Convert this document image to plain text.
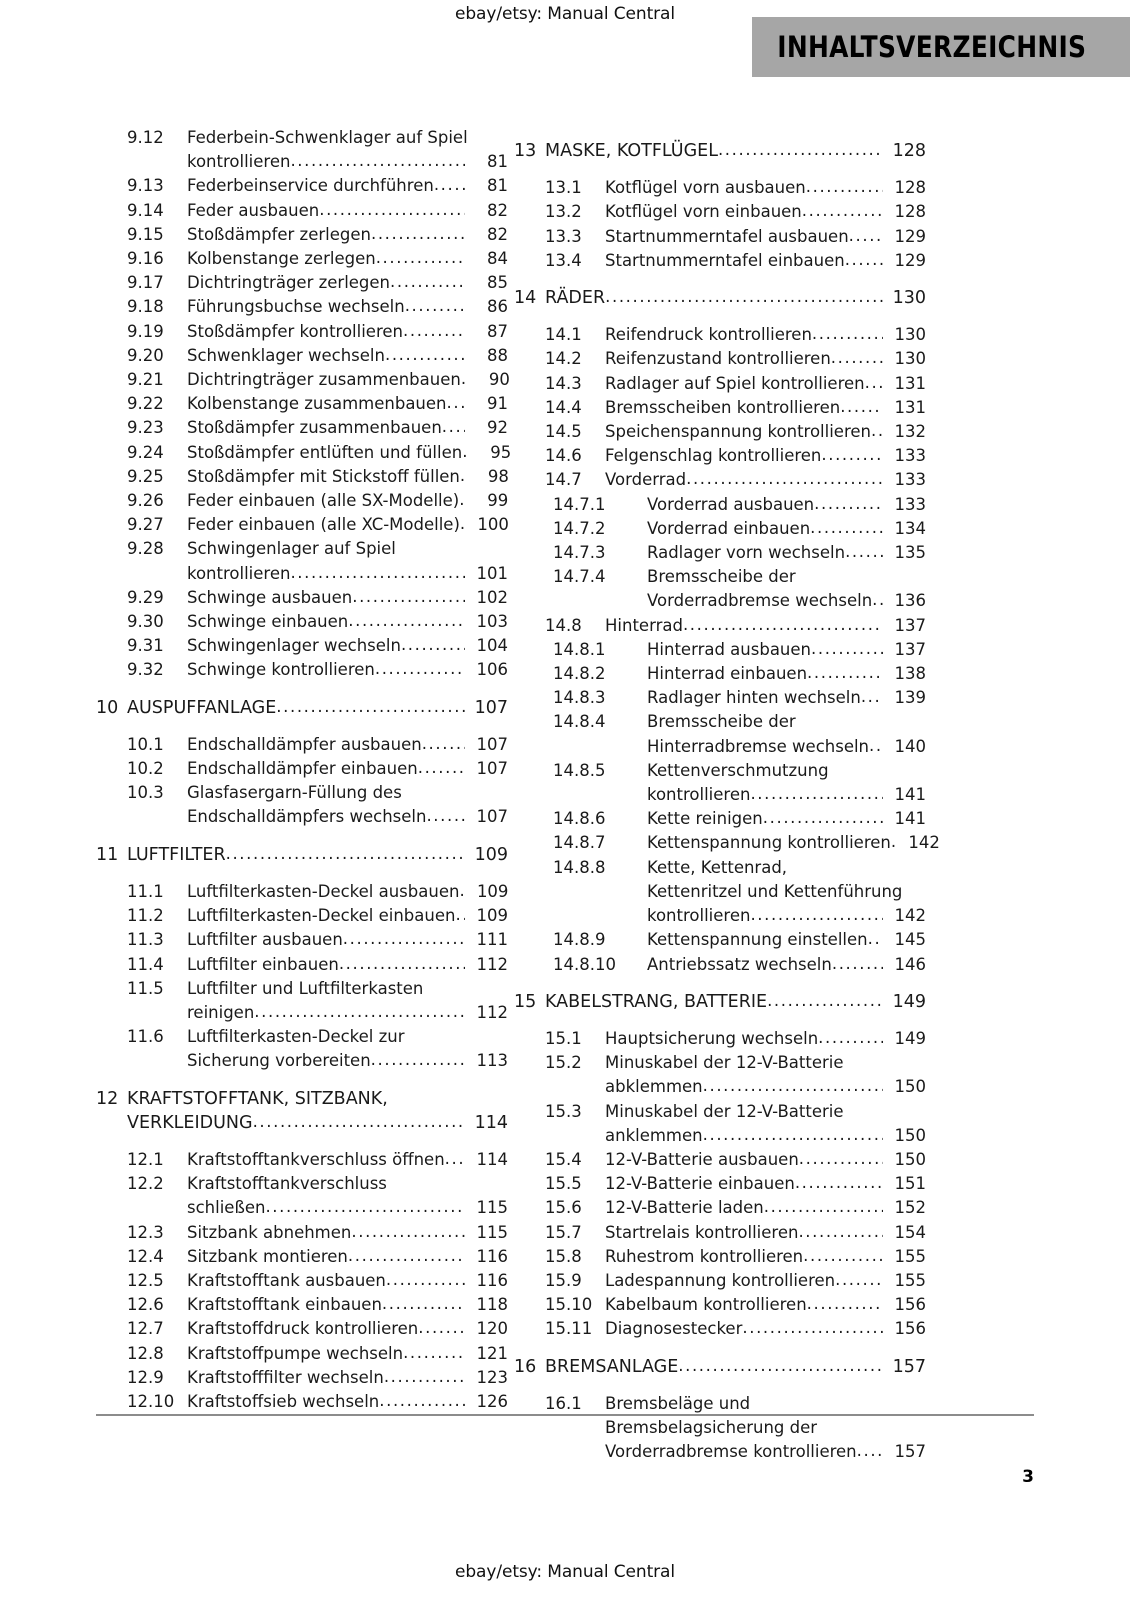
ebay/etsy: Manual Central
INHALTSVERZEICHNIS
9.12	Federbein-Schwenklager auf Spiel
kontrollieren .....	81
9.13	Federbeinservice durchführen .....	81
9.14	Feder ausbauen .....	82
9.15	Stoßdämpfer zerlegen .....	82
9.16	Kolbenstange zerlegen .....	84
9.17	Dichtringträger zerlegen .....	85
9.18	Führungsbuchse wechseln .....	86
9.19	Stoßdämpfer kontrollieren .....	87
9.20	Schwenklager wechseln .....	88
9.21	Dichtringträger zusammenbauen .....	90
9.22	Kolbenstange zusammenbauen .....	91
9.23	Stoßdämpfer zusammenbauen .....	92
9.24	Stoßdämpfer entlüften und füllen .....	95
9.25	Stoßdämpfer mit Stickstoff füllen .....	98
9.26	Feder einbauen (alle SX-Modelle) .....	99
9.27	Feder einbauen (alle XC-Modelle) ..... 100
9.28	Schwingenlager auf Spiel
kontrollieren .....	101
9.29	Schwinge ausbauen .....	102
9.30	Schwinge einbauen .....	103
9.31	Schwingenlager wechseln .....	104
9.32	Schwinge kontrollieren .....	106
10 AUSPUFFANLAGE .....	107
10.1	Endschalldämpfer ausbauen .....	107
10.2	Endschalldämpfer einbauen .....	107
10.3	Glasfasergarn-Füllung des
Endschalldämpfers wechseln .....	107
11 LUFTFILTER .....	109
11.1	Luftfilterkasten-Deckel ausbauen ..... 109
11.2	Luftfilterkasten-Deckel einbauen ..... 109
11.3	Luftfilter ausbauen .....	111
11.4	Luftfilter einbauen .....	112
11.5	Luftfilter und Luftfilterkasten
reinigen .....	112
11.6	Luftfilterkasten-Deckel zur
Sicherung vorbereiten .....	113
12 KRAFTSTOFFTANK, SITZBANK,
VERKLEIDUNG .....	114
12.1	Kraftstofftankverschluss öffnen ..... 114
12.2	Kraftstofftankverschluss
schließen .....	115
12.3	Sitzbank abnehmen .....	115
12.4	Sitzbank montieren .....	116
12.5	Kraftstofftank ausbauen .....	116
12.6	Kraftstofftank einbauen .....	118
12.7	Kraftstoffdruck kontrollieren .....	120
12.8	Kraftstoffpumpe wechseln .....	121
12.9	Kraftstofffilter wechseln .....	123
12.10 Kraftstoffsieb wechseln .....	126
13 MASKE, KOTFLÜGEL .....	128
13.1	Kotflügel vorn ausbauen .....	128
13.2	Kotflügel vorn einbauen .....	128
13.3	Startnummerntafel ausbauen .....	129
13.4	Startnummerntafel einbauen .....	129
14 RÄDER .....	130
14.1	Reifendruck kontrollieren .....	130
14.2	Reifenzustand kontrollieren .....	130
14.3	Radlager auf Spiel kontrollieren ..... 131
14.4	Bremsscheiben kontrollieren .....	131
14.5	Speichenspannung kontrollieren ..... 132
14.6	Felgenschlag kontrollieren .....	133
14.7	Vorderrad .....	133
14.7.1	Vorderrad ausbauen .....	133
14.7.2	Vorderrad einbauen .....	134
14.7.3	Radlager vorn wechseln .....	135
14.7.4	Bremsscheibe der
Vorderradbremse wechseln ..... 136
14.8	Hinterrad .....	137
14.8.1	Hinterrad ausbauen .....	137
14.8.2	Hinterrad einbauen .....	138
14.8.3	Radlager hinten wechseln ..... 139
14.8.4	Bremsscheibe der
Hinterradbremse wechseln ..... 140
14.8.5	Kettenverschmutzung
kontrollieren .....	141
14.8.6	Kette reinigen .....	141
14.8.7	Kettenspannung kontrollieren ..... 142
14.8.8	Kette, Kettenrad,
Kettenritzel und Kettenführung
kontrollieren .....	142
14.8.9	Kettenspannung einstellen ..... 145
14.8.10	Antriebssatz wechseln .....	146
15 KABELSTRANG, BATTERIE .....	149
15.1	Hauptsicherung wechseln .....	149
15.2	Minuskabel der 12-V-Batterie
abklemmen .....	150
15.3	Minuskabel der 12-V-Batterie
anklemmen .....	150
15.4	12-V-Batterie ausbauen .....	150
15.5	12-V-Batterie einbauen .....	151
15.6	12-V-Batterie laden .....	152
15.7	Startrelais kontrollieren .....	154
15.8	Ruhestrom kontrollieren .....	155
15.9	Ladespannung kontrollieren .....	155
15.10 Kabelbaum kontrollieren .....	156
15.11 Diagnosestecker .....	156
16 BREMSANLAGE .....	157
16.1	Bremsbeläge und
Bremsbelagsicherung der
Vorderradbremse kontrollieren ..... 157
3
ebay/etsy: Manual Central
